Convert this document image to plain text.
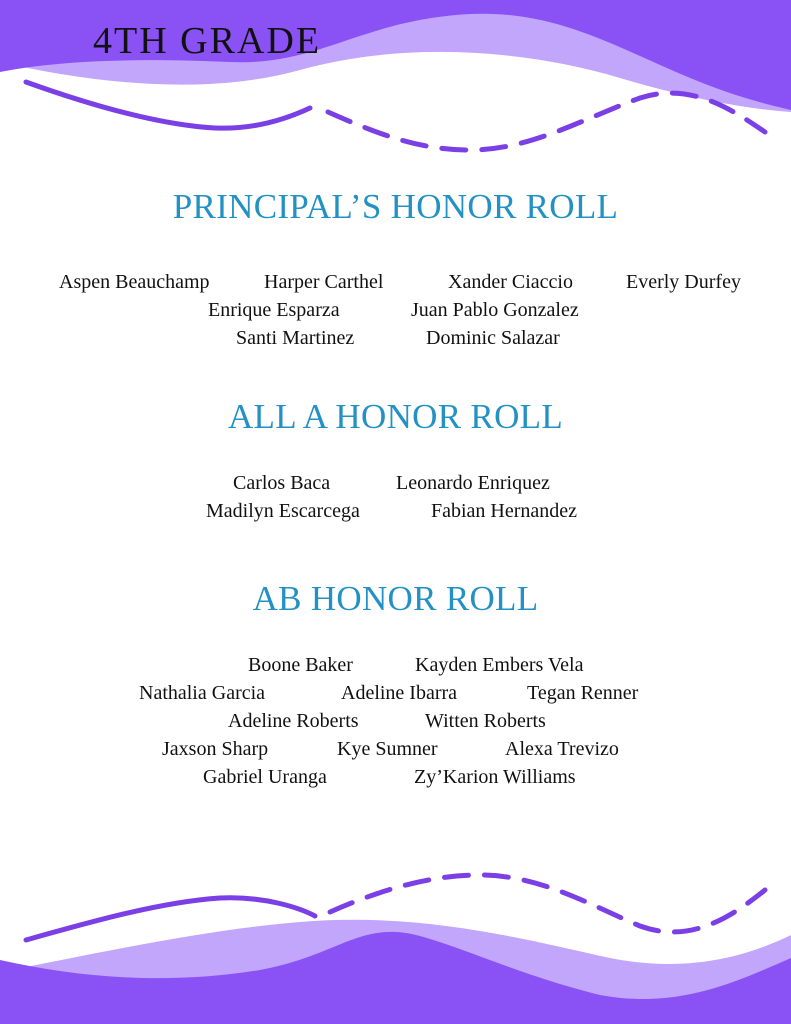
4TH GRADE
PRINCIPAL’S HONOR ROLL
Aspen Beauchamp	Harper Carthel	Xander Ciaccio	Everly Durfey
Enrique Esparza	Juan Pablo Gonzalez
Santi Martinez	Dominic Salazar
ALL A HONOR ROLL
Carlos Baca	Leonardo Enriquez
Madilyn Escarcega	Fabian Hernandez
AB HONOR ROLL
Boone Baker	Kayden Embers Vela
Nathalia Garcia	Adeline Ibarra	Tegan Renner
Adeline Roberts	Witten Roberts
Jaxson Sharp	Kye Sumner	Alexa Trevizo
Gabriel Uranga	Zy’Karion Williams
